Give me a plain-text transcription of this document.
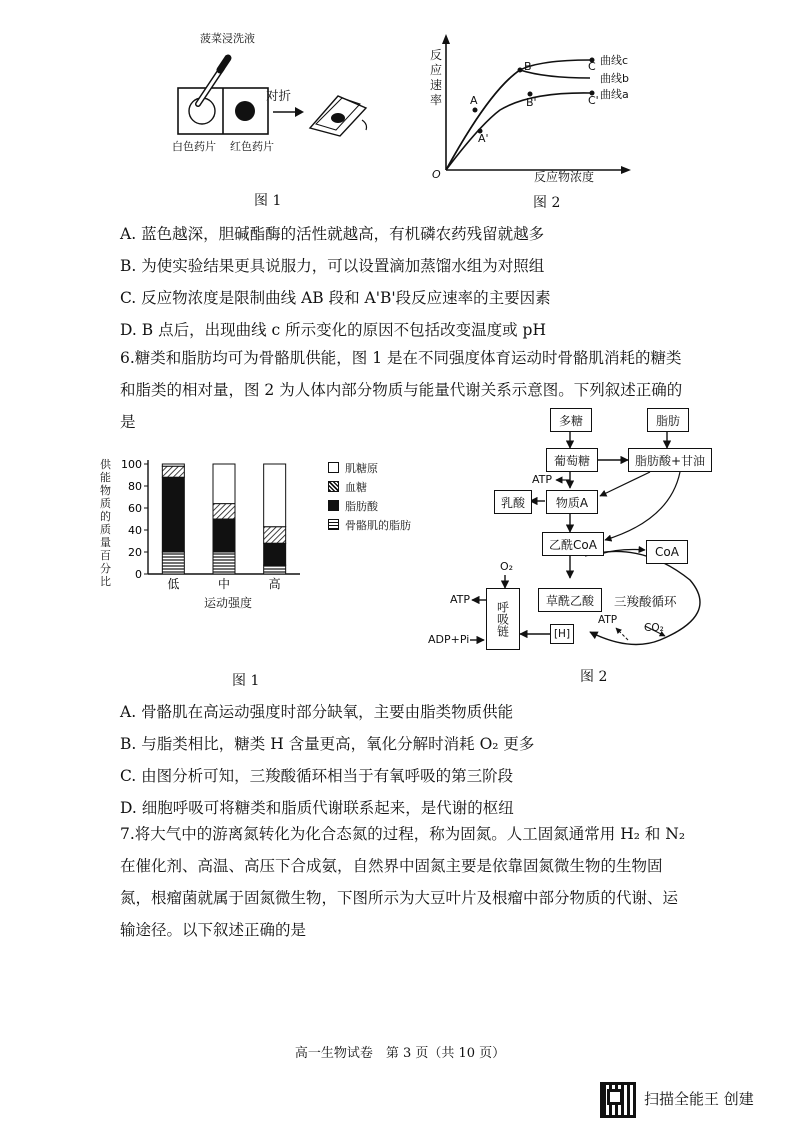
菠菜浸洗液
对折
白色药片 红色药片
图 1
反应速率
反应物浓度
O
A
B	C
A'
B'	C'
曲线c
曲线b
曲线a
图 2
A. 蓝色越深，胆碱酯酶的活性就越高，有机磷农药残留就越多
B. 为使实验结果更具说服力，可以设置滴加蒸馏水组为对照组
C. 反应物浓度是限制曲线 AB 段和 A'B'段反应速率的主要因素
D. B 点后，出现曲线 c 所示变化的原因不包括改变温度或 pH
6.糖类和脂肪均可为骨骼肌供能，图 1 是在不同强度体育运动时骨骼肌消耗的糖类和脂类的相对量，图 2 为人体内部分物质与能量代谢关系示意图。下列叙述正确的是
0
20
40
60
80
100
低	中	高
供能物质的质量百分比
运动强度
肌糖原
血糖
脂肪酸
骨骼肌的脂肪
图 1
多糖	脂肪
葡萄糖	脂肪酸+甘油
ATP
乳酸	物质A
乙酰CoA
CoA
O₂
呼吸链
ATP
ADP+Pi
草酰乙酸	三羧酸循环
[H]
ATP
CO₂
图 2
A. 骨骼肌在高运动强度时部分缺氧，主要由脂类物质供能
B. 与脂类相比，糖类 H 含量更高，氧化分解时消耗 O₂ 更多
C. 由图分析可知，三羧酸循环相当于有氧呼吸的第三阶段
D. 细胞呼吸可将糖类和脂质代谢联系起来，是代谢的枢纽
7.将大气中的游离氮转化为化合态氮的过程，称为固氮。人工固氮通常用 H₂ 和 N₂ 在催化剂、高温、高压下合成氨，自然界中固氮主要是依靠固氮微生物的生物固氮，根瘤菌就属于固氮微生物，下图所示为大豆叶片及根瘤中部分物质的代谢、运输途径。以下叙述正确的是
高一生物试卷　第 3 页（共 10 页）
扫描全能王 创建
